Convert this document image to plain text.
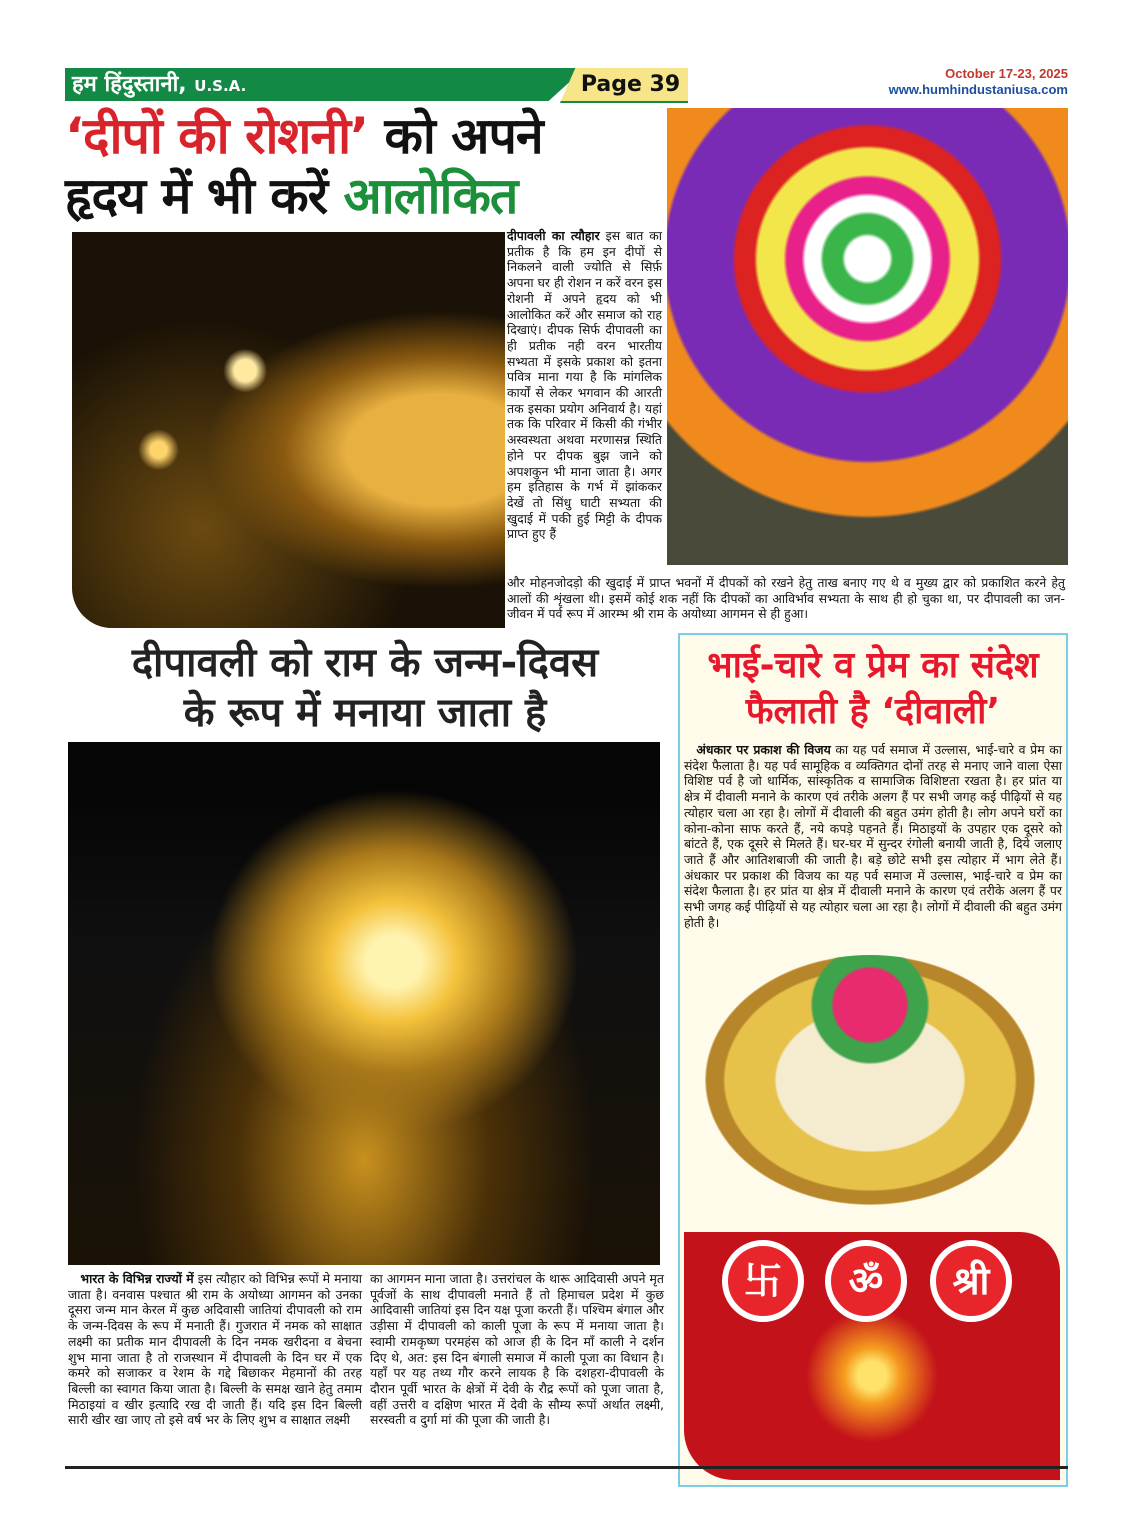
हम हिंदुस्तानी, U.S.A.	Page 39	October 17-23, 2025
www.humhindustaniusa.com
‘दीपों की रोशनी’ को अपने
हृदय में भी करें आलोकित
दीपावली का त्यौहार इस बात का प्रतीक है कि हम इन दीपों से निकलने वाली ज्योति से सिर्फ़ अपना घर ही रोशन न करें वरन इस रोशनी में अपने हृदय को भी आलोकित करें और समाज को राह दिखाएं। दीपक सिर्फ दीपावली का ही प्रतीक नही वरन भारतीय सभ्यता में इसके प्रकाश को इतना पवित्र माना गया है कि मांगलिक कार्यों से लेकर भगवान की आरती तक इसका प्रयोग अनिवार्य है। यहां तक कि परिवार में किसी की गंभीर अस्वस्थता अथवा मरणासन्न स्थिति होने पर दीपक बुझ जाने को अपशकुन भी माना जाता है। अगर हम इतिहास के गर्भ में झांककर देखें तो सिंधु घाटी सभ्यता की खुदाई में पकी हुई मिट्टी के दीपक प्राप्त हुए हैं
और मोहनजोदड़ो की खुदाई में प्राप्त भवनों में दीपकों को रखने हेतु ताख बनाए गए थे व मुख्य द्वार को प्रकाशित करने हेतु आलों की शृंखला थी। इसमें कोई शक नहीं कि दीपकों का आविर्भाव सभ्यता के साथ ही हो चुका था, पर दीपावली का जन-जीवन में पर्व रूप में आरम्भ श्री राम के अयोध्या आगमन से ही हुआ।
दीपावली को राम के जन्म-दिवस
के रूप में मनाया जाता है
 भारत के विभिन्न राज्यों में इस त्यौहार को विभिन्न रूपों मे मनाया जाता है। वनवास पश्चात श्री राम के अयोध्या आगमन को उनका दूसरा जन्म मान केरल में कुछ अदिवासी जातियां दीपावली को राम के जन्म-दिवस के रूप में मनाती हैं। गुजरात में नमक को साक्षात लक्ष्मी का प्रतीक मान दीपावली के दिन नमक खरीदना व बेचना शुभ माना जाता है तो राजस्थान में दीपावली के दिन घर में एक कमरे को सजाकर व रेशम के गद्दे बिछाकर मेहमानों की तरह बिल्ली का स्वागत किया जाता है। बिल्ली के समक्ष खाने हेतु तमाम मिठाइयां व खीर इत्यादि रख दी जाती हैं। यदि इस दिन बिल्ली सारी खीर खा जाए तो इसे वर्ष भर के लिए शुभ व साक्षात लक्ष्मी
का आगमन माना जाता है। उत्तरांचल के थारू आदिवासी अपने मृत पूर्वजों के साथ दीपावली मनाते हैं तो हिमाचल प्रदेश में कुछ आदिवासी जातियां इस दिन यक्ष पूजा करती हैं। पश्चिम बंगाल और उड़ीसा में दीपावली को काली पूजा के रूप में मनाया जाता है। स्वामी रामकृष्ण परमहंस को आज ही के दिन माँ काली ने दर्शन दिए थे, अत: इस दिन बंगाली समाज में काली पूजा का विधान है। यहाँ पर यह तथ्य गौर करने लायक है कि दशहरा-दीपावली के दौरान पूर्वी भारत के क्षेत्रों में देवी के रौद्र रूपों को पूजा जाता है, वहीं उत्तरी व दक्षिण भारत में देवी के सौम्य रूपों अर्थात लक्ष्मी, सरस्वती व दुर्गा मां की पूजा की जाती है।
भाई-चारे व प्रेम का संदेश
फैलाती है ‘दीवाली’
 अंधकार पर प्रकाश की विजय का यह पर्व समाज में उल्लास, भाई-चारे व प्रेम का संदेश फैलाता है। यह पर्व सामूहिक व व्यक्तिगत दोनों तरह से मनाए जाने वाला ऐसा विशिष्ट पर्व है जो धार्मिक, सांस्कृतिक व सामाजिक विशिष्टता रखता है। हर प्रांत या क्षेत्र में दीवाली मनाने के कारण एवं तरीके अलग हैं पर सभी जगह कई पीढ़ियों से यह त्योहार चला आ रहा है। लोगों में दीवाली की बहुत उमंग होती है। लोग अपने घरों का कोना-कोना साफ करते हैं, नये कपड़े पहनते हैं। मिठाइयों के उपहार एक दूसरे को बांटते हैं, एक दूसरे से मिलते हैं। घर-घर में सुन्दर रंगोली बनायी जाती है, दिये जलाए जाते हैं और आतिशबाजी की जाती है। बड़े छोटे सभी इस त्योहार में भाग लेते हैं। अंधकार पर प्रकाश की विजय का यह पर्व समाज में उल्लास, भाई-चारे व प्रेम का संदेश फैलाता है। हर प्रांत या क्षेत्र में दीवाली मनाने के कारण एवं तरीके अलग हैं पर सभी जगह कई पीढ़ियों से यह त्योहार चला आ रहा है। लोगों में दीवाली की बहुत उमंग होती है।
卐	ॐ	श्री
